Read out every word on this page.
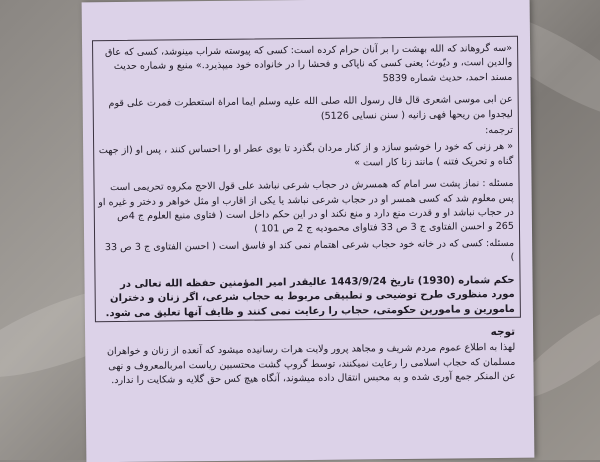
«سه گروهاند كه الله بهشت را بر آنان حرام كرده است: كسی كه پیوسته شراب مینوشد، كسی كه عاق والدین است، و دیّوث؛ یعنی كسی كه ناپاكی و فحشا را در خانواده خود میپذیرد.» منبع و شماره حدیث مسند احمد، حدیث شماره 5839

عن ابی موسی اشعری قال قال رسول الله صلی الله علیه وسلم ایما امراة استعطرت فمرت علی قوم لیجدوا من ریحها فهی زانیه ( سنن نسایی 5126)

ترجمه:

« هر زنی که خود را خوشبو سازد و از کنار مردان بگذرد تا بوی عطر او را احساس کنند ، پس او (از جهت گناه و تحریک فتنه ) مانند زنا کار است »

مسئله : نماز پشت سر امام که همسرش در حجاب شرعی نباشد علی قول الاحج مکروه تحریمی است پس معلوم شد که کسی همسر او در حجاب شرعی نباشد یا یکی از اقارب او مثل خواهر و دختر و غیره او در حجاب نباشد او و قدرت منع دارد و منع نکند او در این حکم داخل است ( فتاوی منبع العلوم ج 4ص 265 و احسن الفتاوی ج 3 ص 33 فتاوای محمودیه ج 2 ص 101 )

مسئله: کسی که در خانه خود حجاب شرعی اهتمام نمی کند او فاسق است ( احسن الفتاوی ج 3 ص 33 )

حکم شماره (1930) تاریخ 1443/9/24 عالیقدر امیر المؤمنین حفظه الله تعالی در مورد منظوری طرح توضیحی و تطبیقی مربوط به حجاب شرعی، اگر زنان و دختران مامورین و مامورین حکومتی، حجاب را رعایت نمی کنند و ظایف آنها تعلیق می شود.

توجه

لهذا به اطلاع عموم مردم شریف و مجاهد پرور ولایت هرات رسانیده میشود که آنعده از زنان و خواهران مسلمان که حجاب اسلامی را رعایت نمیکنند، توسط گروپ گشت محتسبین ریاست امربالمعروف و نهی عن المنکر جمع آوری شده و به محبس انتقال داده میشوند، آنگاه هیچ کس حق گلایه و شکایت را ندارد.
